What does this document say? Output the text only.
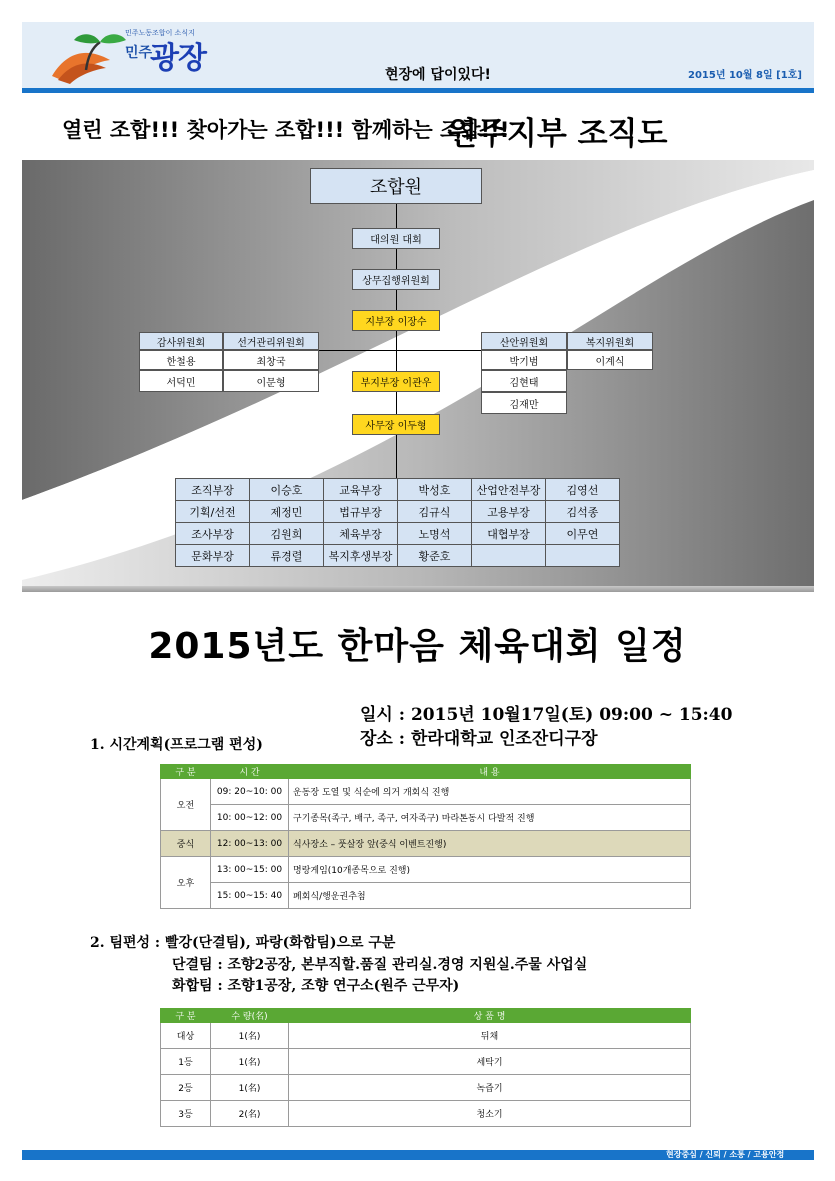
민주노동조합이 소식지
민주
광장	현장에 답이있다!	2015년 10월 8일 [1호]
열린 조합!!! 찾아가는 조합!!! 함께하는 조합!!!
원주지부 조직도
조합원
대의원 대회
상무집행위원회
지부장 이장수
부지부장 이관우
사무장 이두형
감사위원회
한철용
서덕민
선거관리위원회
최창국
이문형
산안위원회
박기범
김현태
김재만
복지위원회
이계식
조직부장	이승호	교육부장	박성호	산업안전부장	김영선
기획/선전	제정민	법규부장	김규식	고용부장	김석종
조사부장	김원희	체육부장	노명석	대협부장	이무연
문화부장	류경렬	복지후생부장	황준호		
2015년도 한마음 체육대회 일정
일시 : 2015년 10월17일(토) 09:00 ~ 15:40
장소 : 한라대학교 인조잔디구장
1. 시간계획(프로그램 편성)
구 분	시 간	내 용
오전	09: 20~10: 00	운동장 도열 및 식순에 의거 개회식 진행
	10: 00~12: 00	구기종목(족구, 배구, 족구, 여자족구) 마라톤동시 다발적 진행
중식	12: 00~13: 00	식사장소 – 풋살장 앞(중식 이벤트진행)
오후	13: 00~15: 00	명랑게임(10개종목으로 진행)
	15: 00~15: 40	폐회식/행운권추첨
2. 팀편성 : 빨강(단결팀), 파랑(화합팀)으로 구분
단결팀 : 조향2공장, 본부직할.품질 관리실.경영 지원실.주물 사업실
화합팀 : 조향1공장, 조향 연구소(원주 근무자)
구 분	수 량(名)	상 품 명
대상	1(名)	뒤채
1등	1(名)	세탁기
2등	1(名)	녹즙기
3등	2(名)	청소기
현장중심 / 신뢰 / 소통 / 고용안정
